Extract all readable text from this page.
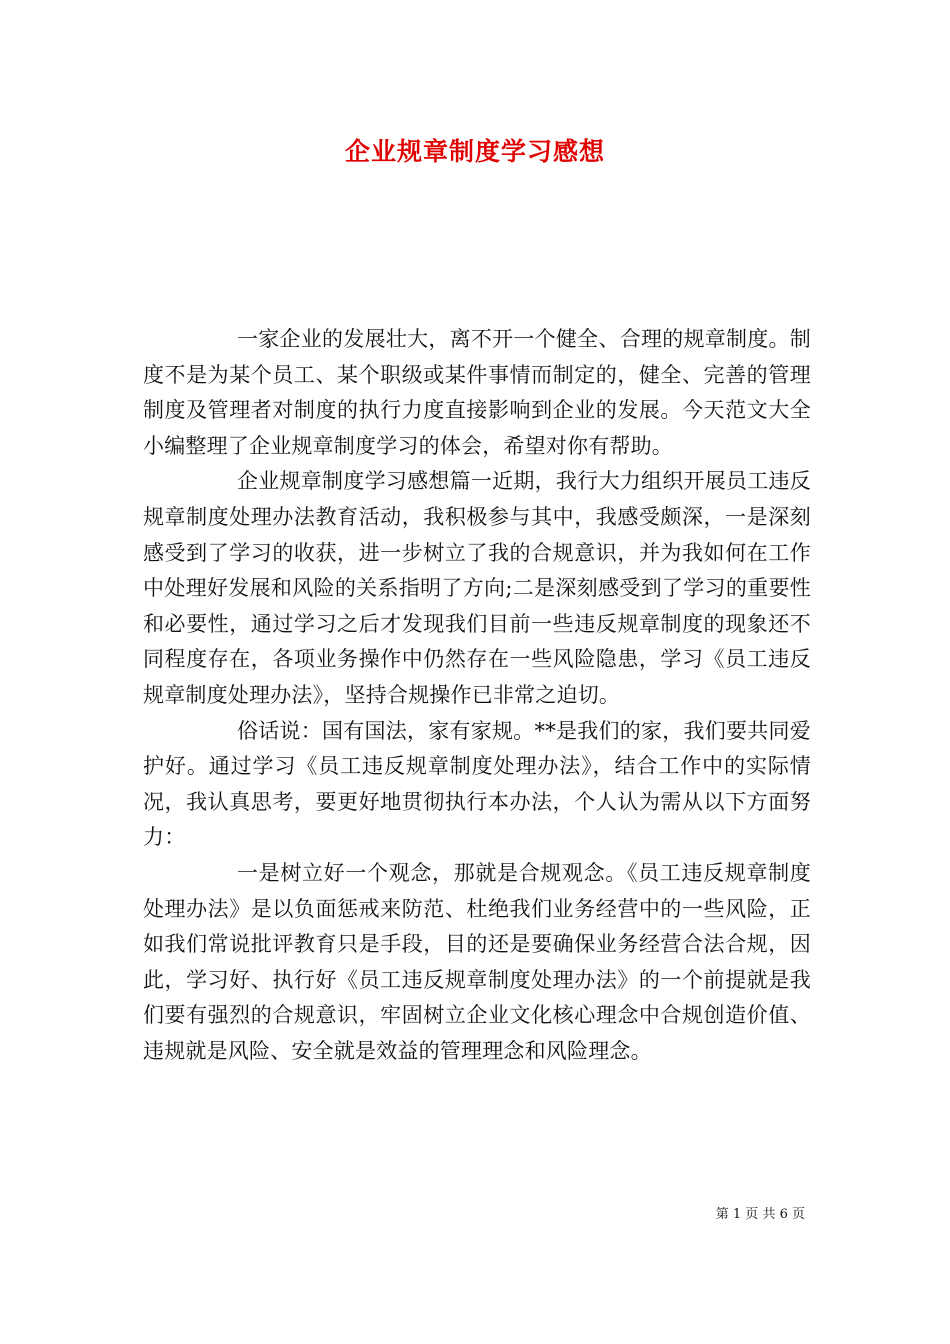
企业规章制度学习感想

一家企业的发展壮大，离不开一个健全、合理的规章制度。制度不是为某个员工、某个职级或某件事情而制定的，健全、完善的管理制度及管理者对制度的执行力度直接影响到企业的发展。今天范文大全小编整理了企业规章制度学习的体会，希望对你有帮助。

企业规章制度学习感想篇一近期，我行大力组织开展员工违反规章制度处理办法教育活动，我积极参与其中，我感受颇深，一是深刻感受到了学习的收获，进一步树立了我的合规意识，并为我如何在工作中处理好发展和风险的关系指明了方向;二是深刻感受到了学习的重要性和必要性，通过学习之后才发现我们目前一些违反规章制度的现象还不同程度存在，各项业务操作中仍然存在一些风险隐患，学习《员工违反规章制度处理办法》，坚持合规操作已非常之迫切。

俗话说：国有国法，家有家规。**是我们的家，我们要共同爱护好。通过学习《员工违反规章制度处理办法》，结合工作中的实际情况，我认真思考，要更好地贯彻执行本办法，个人认为需从以下方面努力：

一是树立好一个观念，那就是合规观念。《员工违反规章制度处理办法》是以负面惩戒来防范、杜绝我们业务经营中的一些风险，正如我们常说批评教育只是手段，目的还是要确保业务经营合法合规，因此，学习好、执行好《员工违反规章制度处理办法》的一个前提就是我们要有强烈的合规意识，牢固树立企业文化核心理念中合规创造价值、违规就是风险、安全就是效益的管理理念和风险理念。

第 1 页 共 6 页
